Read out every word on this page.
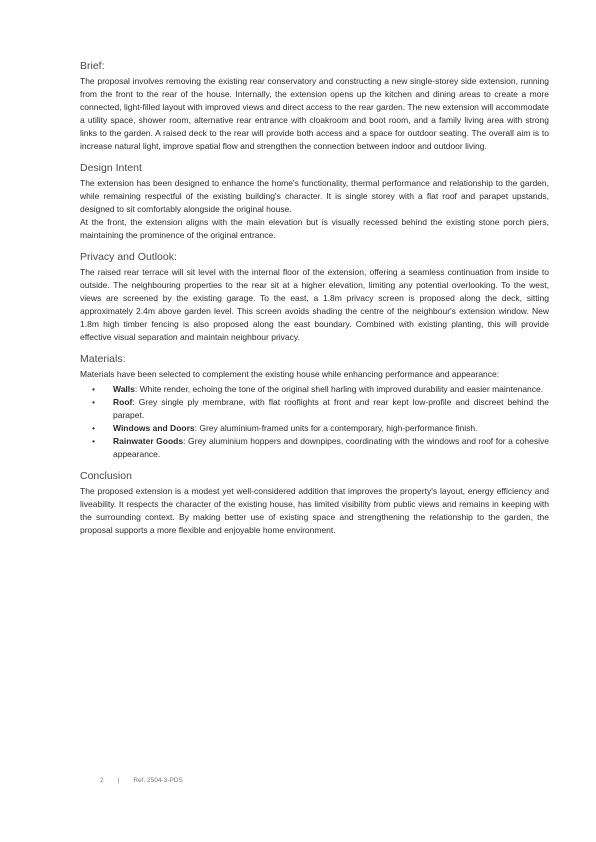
Brief:

The proposal involves removing the existing rear conservatory and constructing a new single-storey side extension, running from the front to the rear of the house. Internally, the extension opens up the kitchen and dining areas to create a more connected, light-filled layout with improved views and direct access to the rear garden. The new extension will accommodate a utility space, shower room, alternative rear entrance with cloakroom and boot room, and a family living area with strong links to the garden. A raised deck to the rear will provide both access and a space for outdoor seating. The overall aim is to increase natural light, improve spatial flow and strengthen the connection between indoor and outdoor living.

Design Intent

The extension has been designed to enhance the home's functionality, thermal performance and relationship to the garden, while remaining respectful of the existing building's character. It is single storey with a flat roof and parapet upstands, designed to sit comfortably alongside the original house.

At the front, the extension aligns with the main elevation but is visually recessed behind the existing stone porch piers, maintaining the prominence of the original entrance.

Privacy and Outlook:

The raised rear terrace will sit level with the internal floor of the extension, offering a seamless continuation from inside to outside. The neighbouring properties to the rear sit at a higher elevation, limiting any potential overlooking. To the west, views are screened by the existing garage. To the east, a 1.8m privacy screen is proposed along the deck, sitting approximately 2.4m above garden level. This screen avoids shading the centre of the neighbour's extension window. New 1.8m high timber fencing is also proposed along the east boundary. Combined with existing planting, this will provide effective visual separation and maintain neighbour privacy.

Materials:

Materials have been selected to complement the existing house while enhancing performance and appearance:

• Walls: White render, echoing the tone of the original shell harling with improved durability and easier maintenance.
• Roof: Grey single ply membrane, with flat rooflights at front and rear kept low-profile and discreet behind the parapet.
• Windows and Doors: Grey aluminium-framed units for a contemporary, high-performance finish.
• Rainwater Goods: Grey aluminium hoppers and downpipes, coordinating with the windows and roof for a cohesive appearance.
Conclusion

The proposed extension is a modest yet well-considered addition that improves the property's layout, energy efficiency and liveability. It respects the character of the existing house, has limited visibility from public views and remains in keeping with the surrounding context. By making better use of existing space and strengthening the relationship to the garden, the proposal supports a more flexible and enjoyable home environment.

2 | Ref. 2504-3-PDS
